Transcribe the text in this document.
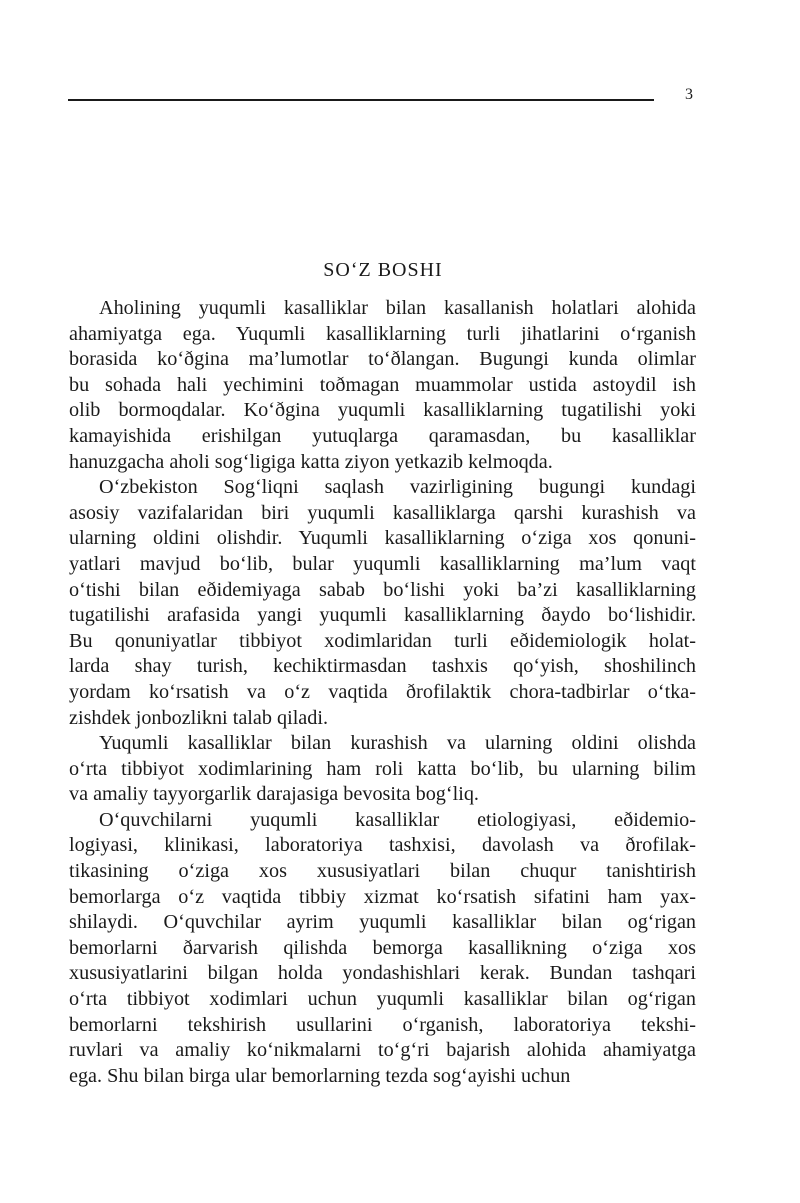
3
SO‘Z BOSHI
Aholining yuqumli kasalliklar bilan kasallanish holatlari alohida
ahamiyatga ega. Yuqumli kasalliklarning turli jihatlarini o‘rganish
borasida ko‘ðgina ma’lumotlar to‘ðlangan. Bugungi kunda olimlar
bu sohada hali yechimini toðmagan muammolar ustida astoydil ish
olib bormoqdalar. Ko‘ðgina yuqumli kasalliklarning tugatilishi yoki
kamayishida erishilgan yutuqlarga qaramasdan, bu kasalliklar
hanuzgacha aholi sog‘ligiga katta ziyon yetkazib kelmoqda.
O‘zbekiston Sog‘liqni saqlash vazirligining bugungi kundagi
asosiy vazifalaridan biri yuqumli kasalliklarga qarshi kurashish va
ularning oldini olishdir. Yuqumli kasalliklarning o‘ziga xos qonuni-
yatlari mavjud bo‘lib, bular yuqumli kasalliklarning ma’lum vaqt
o‘tishi bilan eðidemiyaga sabab bo‘lishi yoki ba’zi kasalliklarning
tugatilishi arafasida yangi yuqumli kasalliklarning ðaydo bo‘lishidir.
Bu qonuniyatlar tibbiyot xodimlaridan turli eðidemiologik holat-
larda shay turish, kechiktirmasdan tashxis qo‘yish, shoshilinch
yordam ko‘rsatish va o‘z vaqtida ðrofilaktik chora-tadbirlar o‘tka-
zishdek jonbozlikni talab qiladi.
Yuqumli kasalliklar bilan kurashish va ularning oldini olishda
o‘rta tibbiyot xodimlarining ham roli katta bo‘lib, bu ularning bilim
va amaliy tayyorgarlik darajasiga bevosita bog‘liq.
O‘quvchilarni yuqumli kasalliklar etiologiyasi, eðidemio-
logiyasi, klinikasi, laboratoriya tashxisi, davolash va ðrofilak-
tikasining o‘ziga xos xususiyatlari bilan chuqur tanishtirish
bemorlarga o‘z vaqtida tibbiy xizmat ko‘rsatish sifatini ham yax-
shilaydi. O‘quvchilar ayrim yuqumli kasalliklar bilan og‘rigan
bemorlarni ðarvarish qilishda bemorga kasallikning o‘ziga xos
xususiyatlarini bilgan holda yondashishlari kerak. Bundan tashqari
o‘rta tibbiyot xodimlari uchun yuqumli kasalliklar bilan og‘rigan
bemorlarni tekshirish usullarini o‘rganish, laboratoriya tekshi-
ruvlari va amaliy ko‘nikmalarni to‘g‘ri bajarish alohida ahamiyatga
ega. Shu bilan birga ular bemorlarning tezda sog‘ayishi uchun
